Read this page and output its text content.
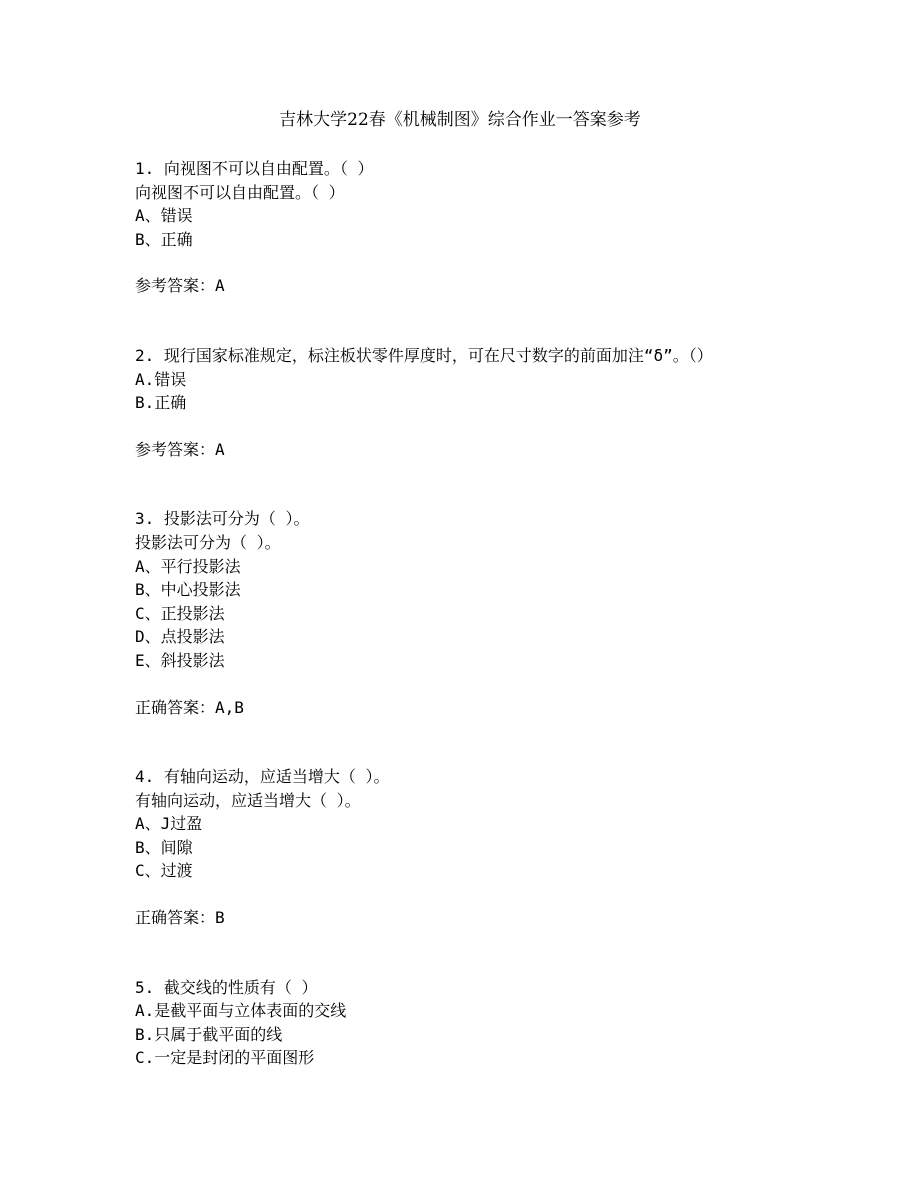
吉林大学22春《机械制图》综合作业一答案参考
1. 向视图不可以自由配置。（ ）
向视图不可以自由配置。（ ）
A、错误
B、正确
参考答案：A
2. 现行国家标准规定，标注板状零件厚度时，可在尺寸数字的前面加注“δ”。（）
A.错误
B.正确
参考答案：A
3. 投影法可分为（ ）。
投影法可分为（ ）。
A、平行投影法
B、中心投影法
C、正投影法
D、点投影法
E、斜投影法
正确答案：A,B
4. 有轴向运动，应适当增大（ ）。
有轴向运动，应适当增大（ ）。
A、J过盈
B、间隙
C、过渡
正确答案：B
5. 截交线的性质有（ ）
A.是截平面与立体表面的交线
B.只属于截平面的线
C.一定是封闭的平面图形
